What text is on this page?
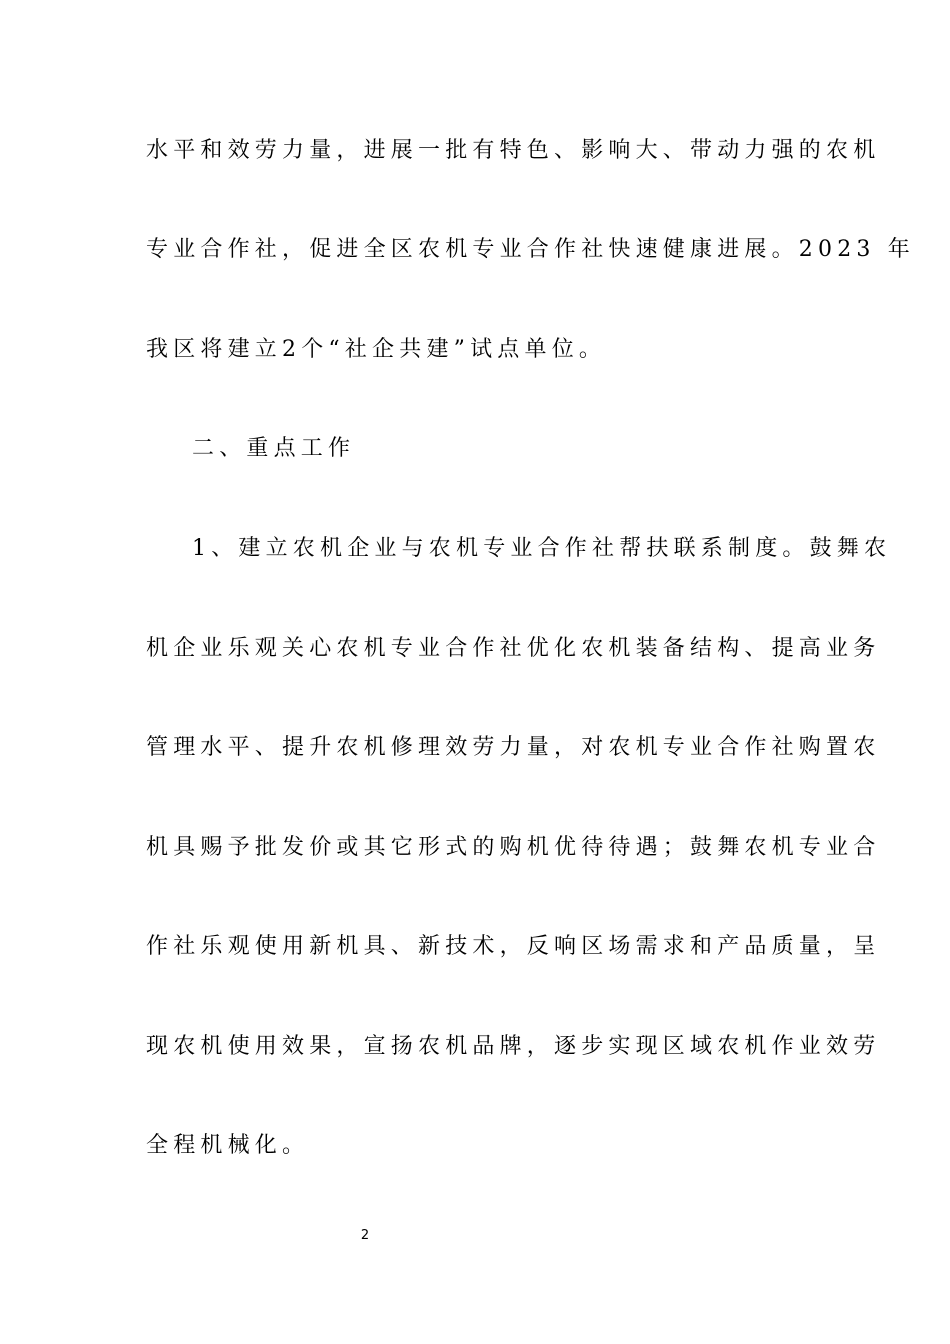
水平和效劳力量，进展一批有特色、影响大、带动力强的农机
专业合作社，促进全区农机专业合作社快速健康进展。2023 年
我区将建立2个“社企共建”试点单位。
二、重点工作
1、建立农机企业与农机专业合作社帮扶联系制度。鼓舞农
机企业乐观关心农机专业合作社优化农机装备结构、提高业务
管理水平、提升农机修理效劳力量，对农机专业合作社购置农
机具赐予批发价或其它形式的购机优待待遇；鼓舞农机专业合
作社乐观使用新机具、新技术，反响区场需求和产品质量，呈
现农机使用效果，宣扬农机品牌，逐步实现区域农机作业效劳
全程机械化。
2
